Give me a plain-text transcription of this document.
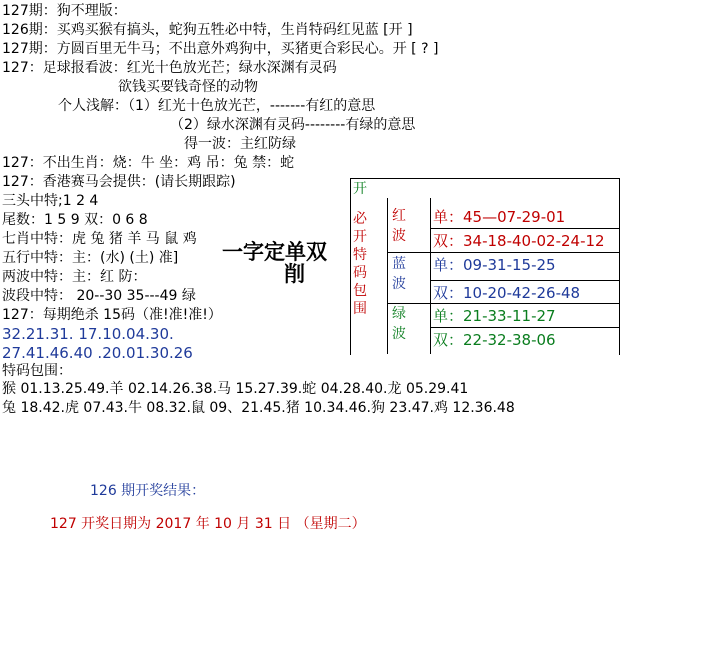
127期：狗不理版：
126期：买鸡买猴有搞头，蛇狗五牲必中特，生肖特码红见蓝 [开 ]
127期：方圆百里无牛马；不出意外鸡狗中，买猪更合彩民心。开 [ ? ]
127：足球报看波：红光十色放光芒；绿水深渊有灵码
欲钱买要钱奇怪的动物
个人浅解：（1）红光十色放光芒，-------有红的意思
（2）绿水深渊有灵码--------有绿的意思
得一波：主红防绿
127：不出生肖：烧：牛 坐：鸡 吊：兔 禁：蛇
127：香港赛马会提供：(请长期跟踪)
三头中特;1 2 4
尾数：1 5 9 双：0 6 8
七肖中特：虎 兔 猪 羊 马 鼠 鸡
五行中特：主：(水) (土) 准]
两波中特：主：红 防：
波段中特： 20--30 35---49 绿
127：每期绝杀 15码（准!准!准!）
32.21.31. 17.10.04.30.
27.41.46.40 .20.01.30.26
特码包围：
猴 01.13.25.49.羊 02.14.26.38.马 15.27.39.蛇 04.28.40.龙 05.29.41
兔 18.42.虎 07.43.牛 08.32.鼠 09、21.45.猪 10.34.46.狗 23.47.鸡 12.36.48
一字定单双
削
开
必
开
特
码
包
围
红
波
蓝
波
绿
波
单：45—07-29-01
双：34-18-40-02-24-12
单：09-31-15-25
双：10-20-42-26-48
单：21-33-11-27
双：22-32-38-06
126 期开奖结果：
127 开奖日期为 2017 年 10 月 31 日 （星期二）
